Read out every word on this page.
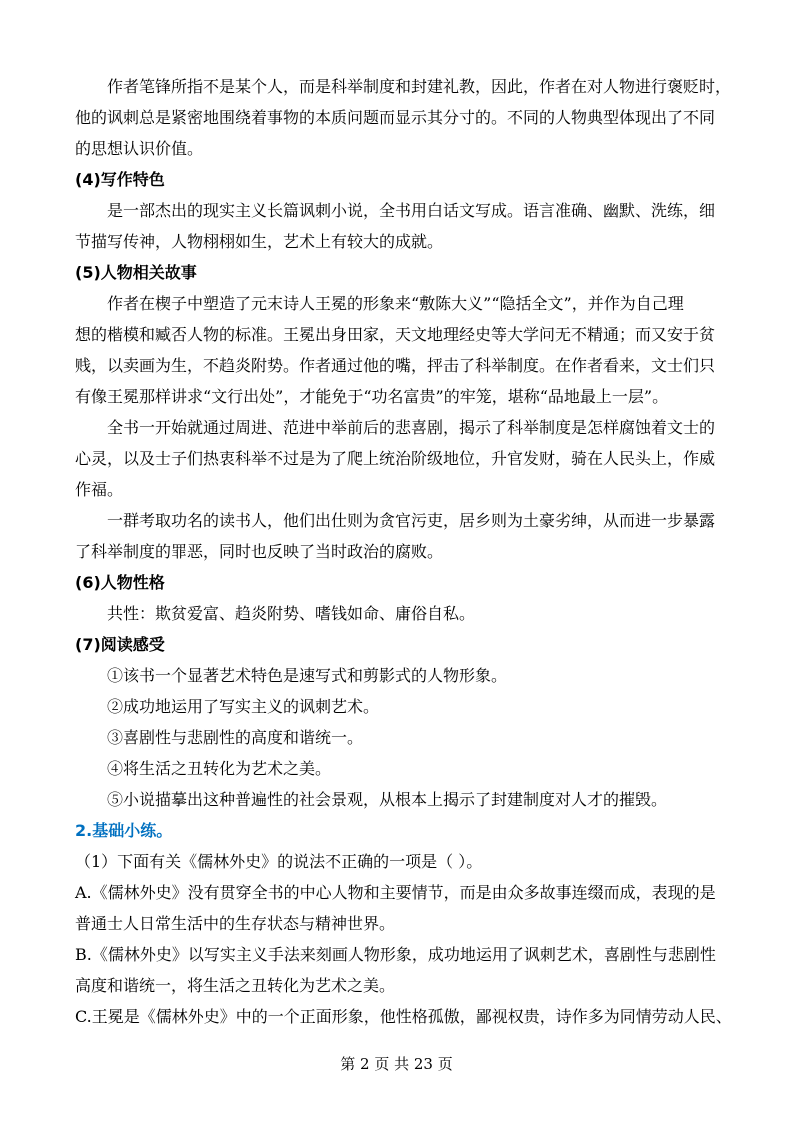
作者笔锋所指不是某个人，而是科举制度和封建礼教，因此，作者在对人物进行褒贬时，
他的讽刺总是紧密地围绕着事物的本质问题而显示其分寸的。不同的人物典型体现出了不同
的思想认识价值。
(4)写作特色
是一部杰出的现实主义长篇讽刺小说，全书用白话文写成。语言准确、幽默、洗练，细
节描写传神，人物栩栩如生，艺术上有较大的成就。
(5)人物相关故事
作者在楔子中塑造了元末诗人王冕的形象来“敷陈大义”“隐括全文”，并作为自己理
想的楷模和臧否人物的标准。王冕出身田家，天文地理经史等大学问无不精通；而又安于贫
贱，以卖画为生，不趋炎附势。作者通过他的嘴，抨击了科举制度。在作者看来，文士们只
有像王冕那样讲求“文行出处”，才能免于“功名富贵”的牢笼，堪称“品地最上一层”。
全书一开始就通过周进、范进中举前后的悲喜剧，揭示了科举制度是怎样腐蚀着文士的
心灵，以及士子们热衷科举不过是为了爬上统治阶级地位，升官发财，骑在人民头上，作威
作福。
一群考取功名的读书人，他们出仕则为贪官污吏，居乡则为土豪劣绅，从而进一步暴露
了科举制度的罪恶，同时也反映了当时政治的腐败。
(6)人物性格
共性：欺贫爱富、趋炎附势、嗜钱如命、庸俗自私。
(7)阅读感受
①该书一个显著艺术特色是速写式和剪影式的人物形象。
②成功地运用了写实主义的讽刺艺术。
③喜剧性与悲剧性的高度和谐统一。
④将生活之丑转化为艺术之美。
⑤小说描摹出这种普遍性的社会景观，从根本上揭示了封建制度对人才的摧毁。
2.基础小练。
（1）下面有关《儒林外史》的说法不正确的一项是（ ）。
A.《儒林外史》没有贯穿全书的中心人物和主要情节，而是由众多故事连缀而成，表现的是
普通士人日常生活中的生存状态与精神世界。
B.《儒林外史》以写实主义手法来刻画人物形象，成功地运用了讽刺艺术，喜剧性与悲剧性
高度和谐统一，将生活之丑转化为艺术之美。
C.王冕是《儒林外史》中的一个正面形象，他性格孤傲，鄙视权贵，诗作多为同情劳动人民、
第 2 页 共 23 页
